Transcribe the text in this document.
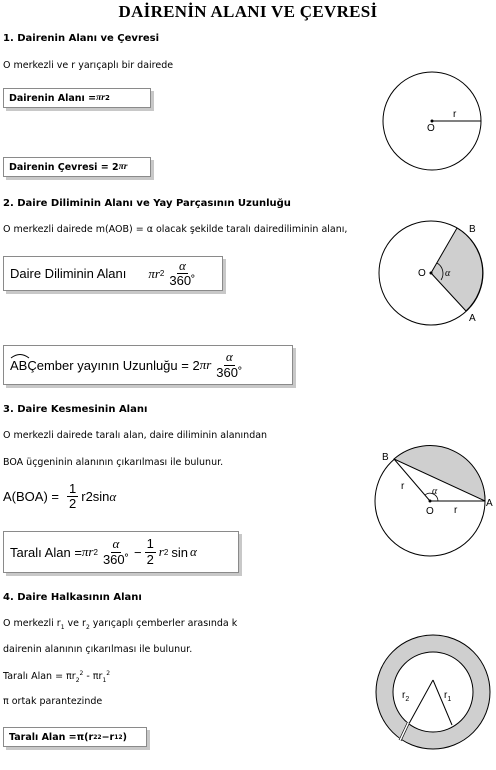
DAİRENİN ALANI VE ÇEVRESİ
1. Dairenin Alanı ve Çevresi
O merkezli ve r yarıçaplı bir dairede
Dairenin Alanı = πr 2
Dairenin Çevresi = 2 πr
O
r
2. Daire Diliminin Alanı ve Yay Parçasının Uzunluğu
O merkezli dairede m(AOB) = α olacak şekilde taralı dairediliminin alanı,
Daire Diliminin Alanı πr $2 \frac{\alpha}{360˚}$
AB Çember yayının Uzunluğu = 2 πr $\frac{\alpha}{360˚}$
O α
B
A
3. Daire Kesmesinin Alanı
O merkezli dairede taralı alan, daire diliminin alanından
BOA üçgeninin alanının çıkarılması ile bulunur.
$A(BOA) = \frac{1}{2} r2\sin$ α
Taralı Alan = πr $2 \frac{\alpha}{360˚} - \frac{1}{2}$ r 2 sin α
O
α
r
r
B
A
4. Daire Halkasının Alanı
O merkezli $r_1$ ve $r_2$ yarıçaplı çemberler arasında k
dairenin alanının çıkarılması ile bulunur.
Taralı Alan = $\pi r_2^2 - \pi r_1^2$
π ortak parantezinde
Taralı Alan =π(r 2 2 −r 1 2 )
$r_2$	$r_1$
